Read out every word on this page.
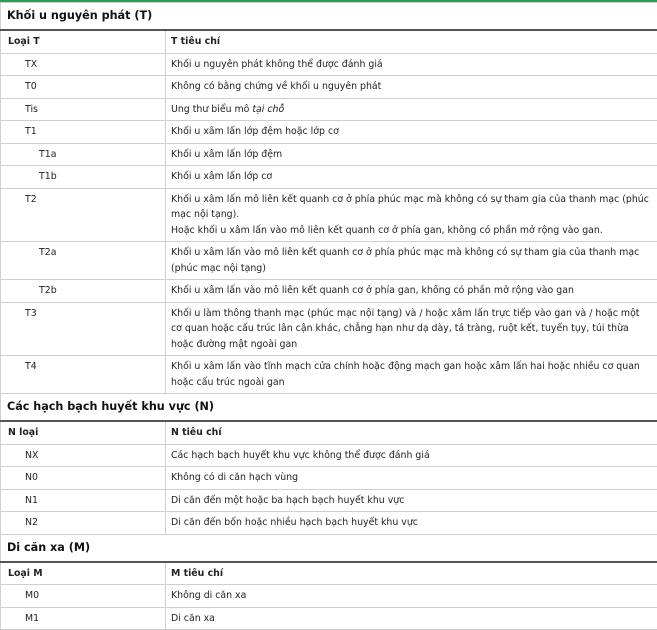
Khối u nguyên phát (T)	
Loại T	T tiêu chí
TX	Khối u nguyên phát không thể được đánh giá
T0	Không có bằng chứng về khối u nguyên phát
Tis	Ung thư biểu mô tại chỗ
T1	Khối u xâm lấn lớp đệm hoặc lớp cơ
T1a	Khối u xâm lấn lớp đệm
T1b	Khối u xâm lấn lớp cơ
T2	Khối u xâm lấn mô liên kết quanh cơ ở phía phúc mạc mà không có sự tham gia của thanh mạc (phúc mạc nội tạng).
Hoặc khối u xâm lấn vào mô liên kết quanh cơ ở phía gan, không có phần mở rộng vào gan.

T2a	Khối u xâm lấn vào mô liên kết quanh cơ ở phía phúc mạc mà không có sự tham gia của thanh mạc (phúc mạc nội tạng)
T2b	Khối u xâm lấn vào mô liên kết quanh cơ ở phía gan, không có phần mở rộng vào gan
T3	Khối u làm thông thanh mạc (phúc mạc nội tạng) và / hoặc xâm lấn trực tiếp vào gan và / hoặc một cơ quan hoặc cấu trúc lân cận khác, chẳng hạn như dạ dày, tá tràng, ruột kết, tuyến tụy, túi thừa hoặc đường mật ngoài gan
T4	Khối u xâm lấn vào tĩnh mạch cửa chính hoặc động mạch gan hoặc xâm lấn hai hoặc nhiều cơ quan hoặc cấu trúc ngoài gan
Các hạch bạch huyết khu vực (N)	
N loại	N tiêu chí
NX	Các hạch bạch huyết khu vực không thể được đánh giá
N0	Không có di căn hạch vùng
N1	Di căn đến một hoặc ba hạch bạch huyết khu vực
N2	Di căn đến bốn hoặc nhiều hạch bạch huyết khu vực
Di căn xa (M)	
Loại M	M tiêu chí
M0	Không di căn xa
M1	Di căn xa
